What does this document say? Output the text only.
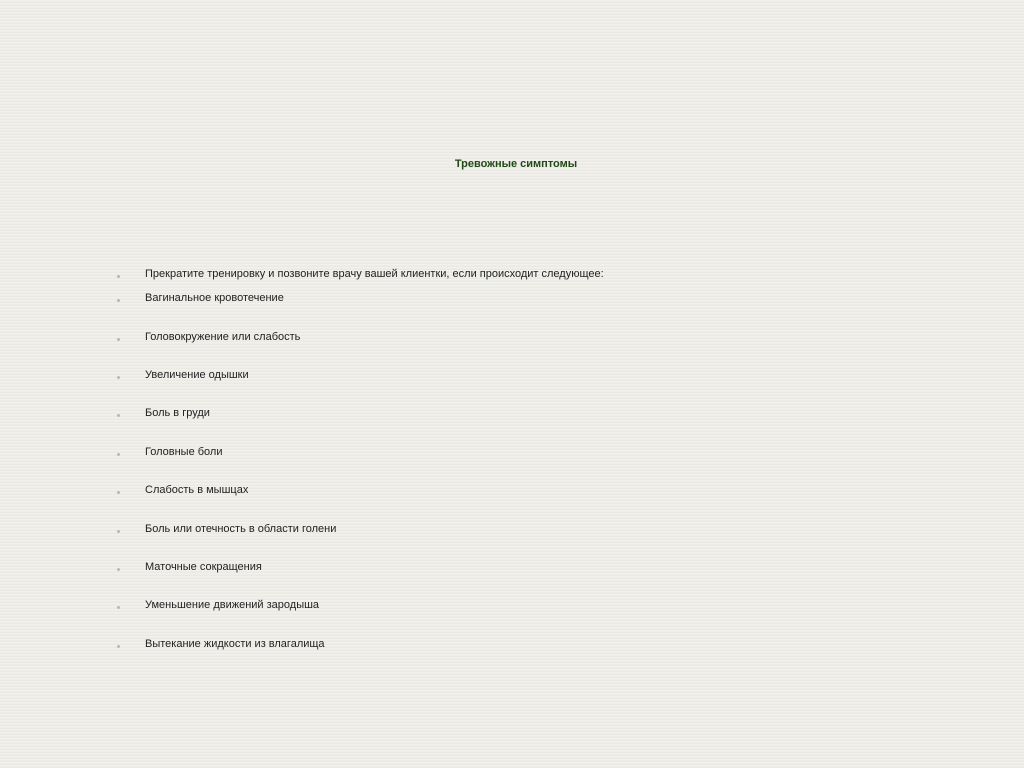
Тревожные симптомы
Прекратите тренировку и позвоните врачу вашей клиентки, если происходит следующее:
Вагинальное кровотечение
Головокружение или слабость
Увеличение одышки
Боль в груди
Головные боли
Слабость в мышцах
Боль или отечность в области голени
Маточные сокращения
Уменьшение движений зародыша
Вытекание жидкости из влагалища
